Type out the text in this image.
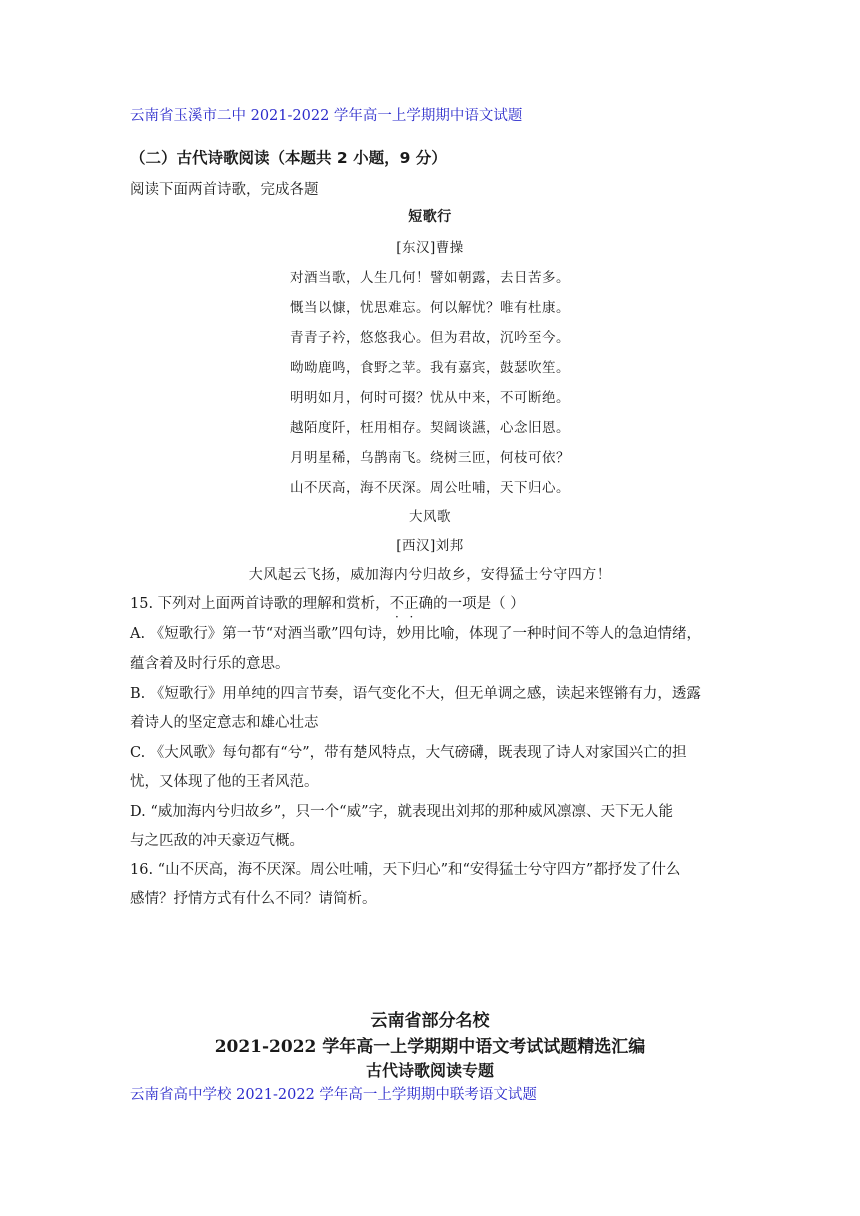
云南省玉溪市二中 2021-2022 学年高一上学期期中语文试题
（二）古代诗歌阅读（本题共 2 小题，9 分）
阅读下面两首诗歌，完成各题
短歌行
[东汉]曹操
对酒当歌，人生几何！譬如朝露，去日苦多。
慨当以慷，忧思难忘。何以解忧？唯有杜康。
青青子衿，悠悠我心。但为君故，沉吟至今。
呦呦鹿鸣，食野之苹。我有嘉宾，鼓瑟吹笙。
明明如月，何时可掇？忧从中来，不可断绝。
越陌度阡，枉用相存。契阔谈讌，心念旧恩。
月明星稀，乌鹊南飞。绕树三匝，何枝可依？
山不厌高，海不厌深。周公吐哺，天下归心。
大风歌
[西汉]刘邦
大风起云飞扬，威加海内兮归故乡，安得猛士兮守四方！
15. 下列对上面两首诗歌的理解和赏析，不正确的一项是（ ）
A. 《短歌行》第一节“对酒当歌”四句诗，妙用比喻，体现了一种时间不等人的急迫情绪，
蕴含着及时行乐的意思。
B. 《短歌行》用单纯的四言节奏，语气变化不大，但无单调之感，读起来铿锵有力，透露
着诗人的坚定意志和雄心壮志
C. 《大风歌》每句都有“兮”，带有楚风特点，大气磅礴，既表现了诗人对家国兴亡的担
忧，又体现了他的王者风范。
D. “威加海内兮归故乡”，只一个“威”字，就表现出刘邦的那种威风凛凛、天下无人能
与之匹敌的冲天豪迈气概。
16. “山不厌高，海不厌深。周公吐哺，天下归心”和“安得猛士兮守四方”都抒发了什么
感情？抒情方式有什么不同？请简析。
云南省部分名校
2021-2022 学年高一上学期期中语文考试试题精选汇编
古代诗歌阅读专题
云南省高中学校 2021-2022 学年高一上学期期中联考语文试题
